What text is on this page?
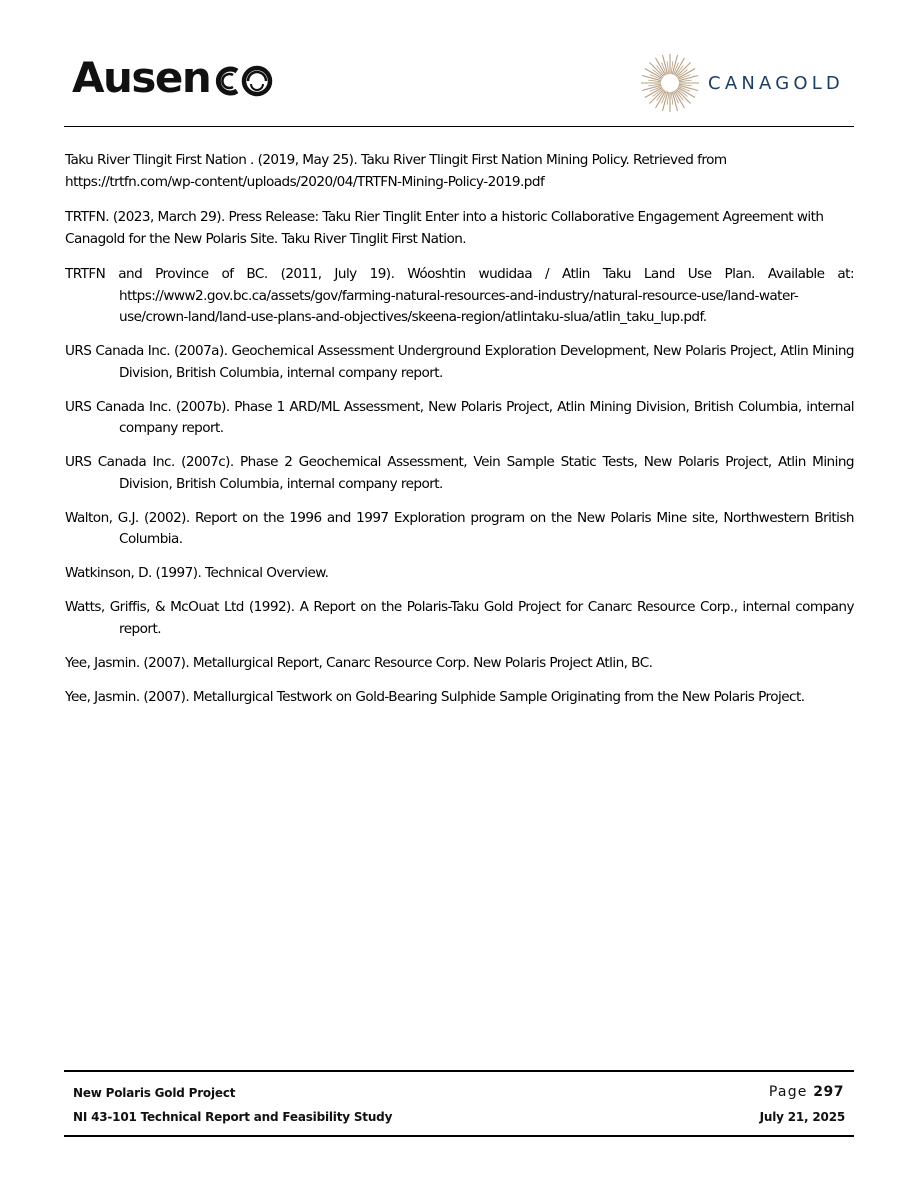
Ausen	CANAGOLD

Taku River Tlingit First Nation . (2019, May 25). Taku River Tlingit First Nation Mining Policy. Retrieved from https://trtfn.com/wp-content/uploads/2020/04/TRTFN-Mining-Policy-2019.pdf

TRTFN. (2023, March 29). Press Release: Taku Rier Tinglit Enter into a historic Collaborative Engagement Agreement with Canagold for the New Polaris Site. Taku River Tinglit First Nation.

TRTFN and Province of BC. (2011, July 19). Wóoshtin wudidaa / Atlin Taku Land Use Plan. Available at: https://www2.gov.bc.ca/assets/gov/farming-natural-resources-and-industry/natural-resource-use/land-water-use/crown-land/land-use-plans-and-objectives/skeena-region/atlintaku-slua/atlin_taku_lup.pdf.

URS Canada Inc. (2007a). Geochemical Assessment Underground Exploration Development, New Polaris Project, Atlin Mining Division, British Columbia, internal company report.

URS Canada Inc. (2007b). Phase 1 ARD/ML Assessment, New Polaris Project, Atlin Mining Division, British Columbia, internal company report.

URS Canada Inc. (2007c). Phase 2 Geochemical Assessment, Vein Sample Static Tests, New Polaris Project, Atlin Mining Division, British Columbia, internal company report.

Walton, G.J. (2002). Report on the 1996 and 1997 Exploration program on the New Polaris Mine site, Northwestern British Columbia.

Watkinson, D. (1997). Technical Overview.

Watts, Griffis, & McOuat Ltd (1992). A Report on the Polaris-Taku Gold Project for Canarc Resource Corp., internal company report.

Yee, Jasmin. (2007). Metallurgical Report, Canarc Resource Corp. New Polaris Project Atlin, BC.

Yee, Jasmin. (2007). Metallurgical Testwork on Gold-Bearing Sulphide Sample Originating from the New Polaris Project.

New Polaris Gold Project
NI 43-101 Technical Report and Feasibility Study
Page 297
July 21, 2025
